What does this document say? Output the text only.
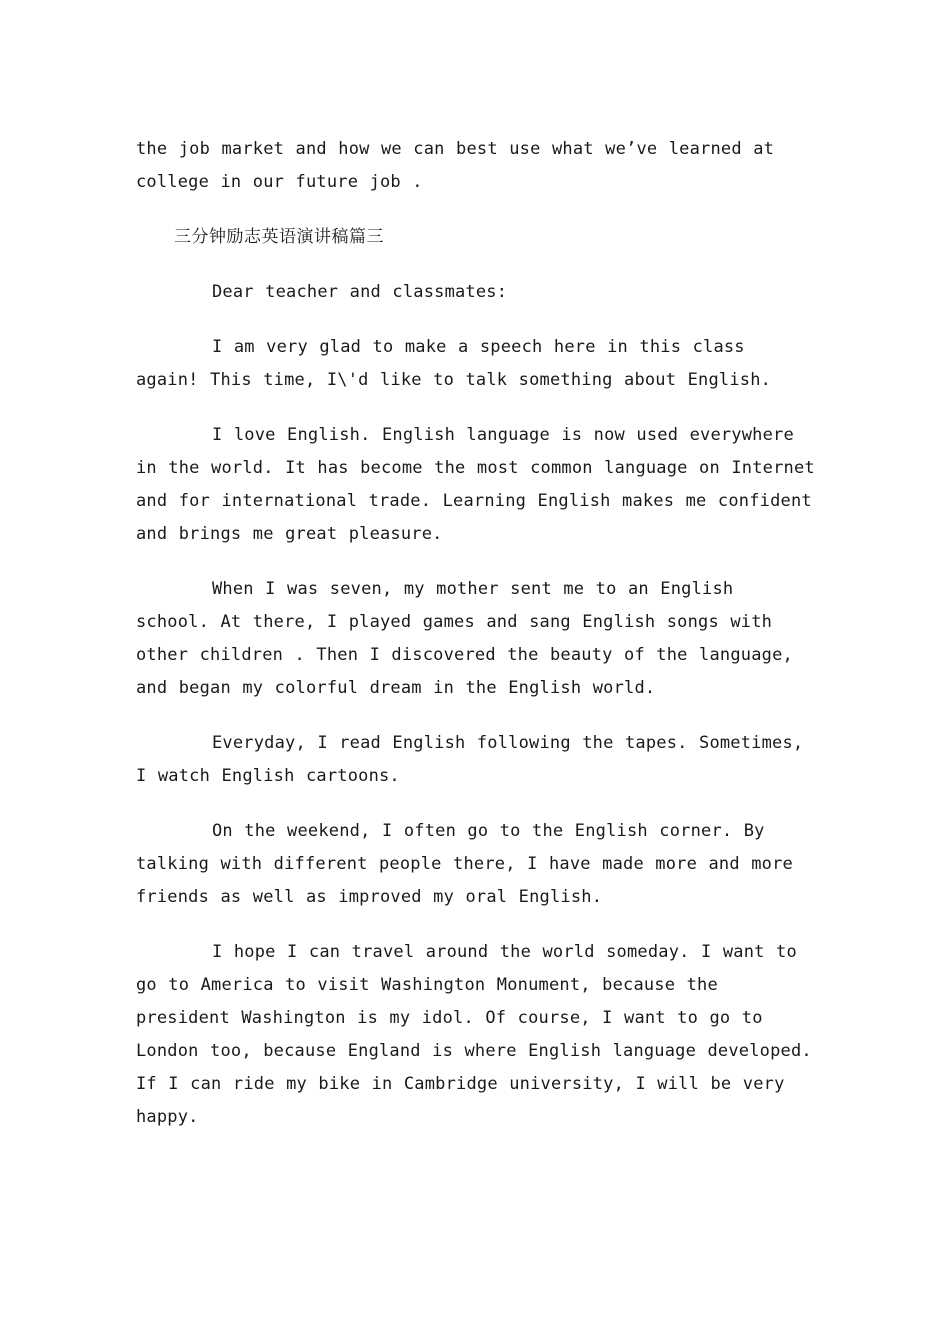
the job market and how we can best use what we’ve learned at college in our future job .

三分钟励志英语演讲稿篇三

Dear teacher and classmates:

I am very glad to make a speech here in this class again! This time, I\'d like to talk something about English.

I love English. English language is now used everywhere in the world. It has become the most common language on Internet and for international trade. Learning English makes me confident and brings me great pleasure.

When I was seven, my mother sent me to an English school. At there, I played games and sang English songs with other children . Then I discovered the beauty of the language, and began my colorful dream in the English world.

Everyday, I read English following the tapes. Sometimes, I watch English cartoons.

On the weekend, I often go to the English corner. By talking with different people there, I have made more and more friends as well as improved my oral English.

I hope I can travel around the world someday. I want to go to America to visit Washington Monument, because the president Washington is my idol. Of course, I want to go to London too, because England is where English language developed. If I can ride my bike in Cambridge university, I will be very happy.
